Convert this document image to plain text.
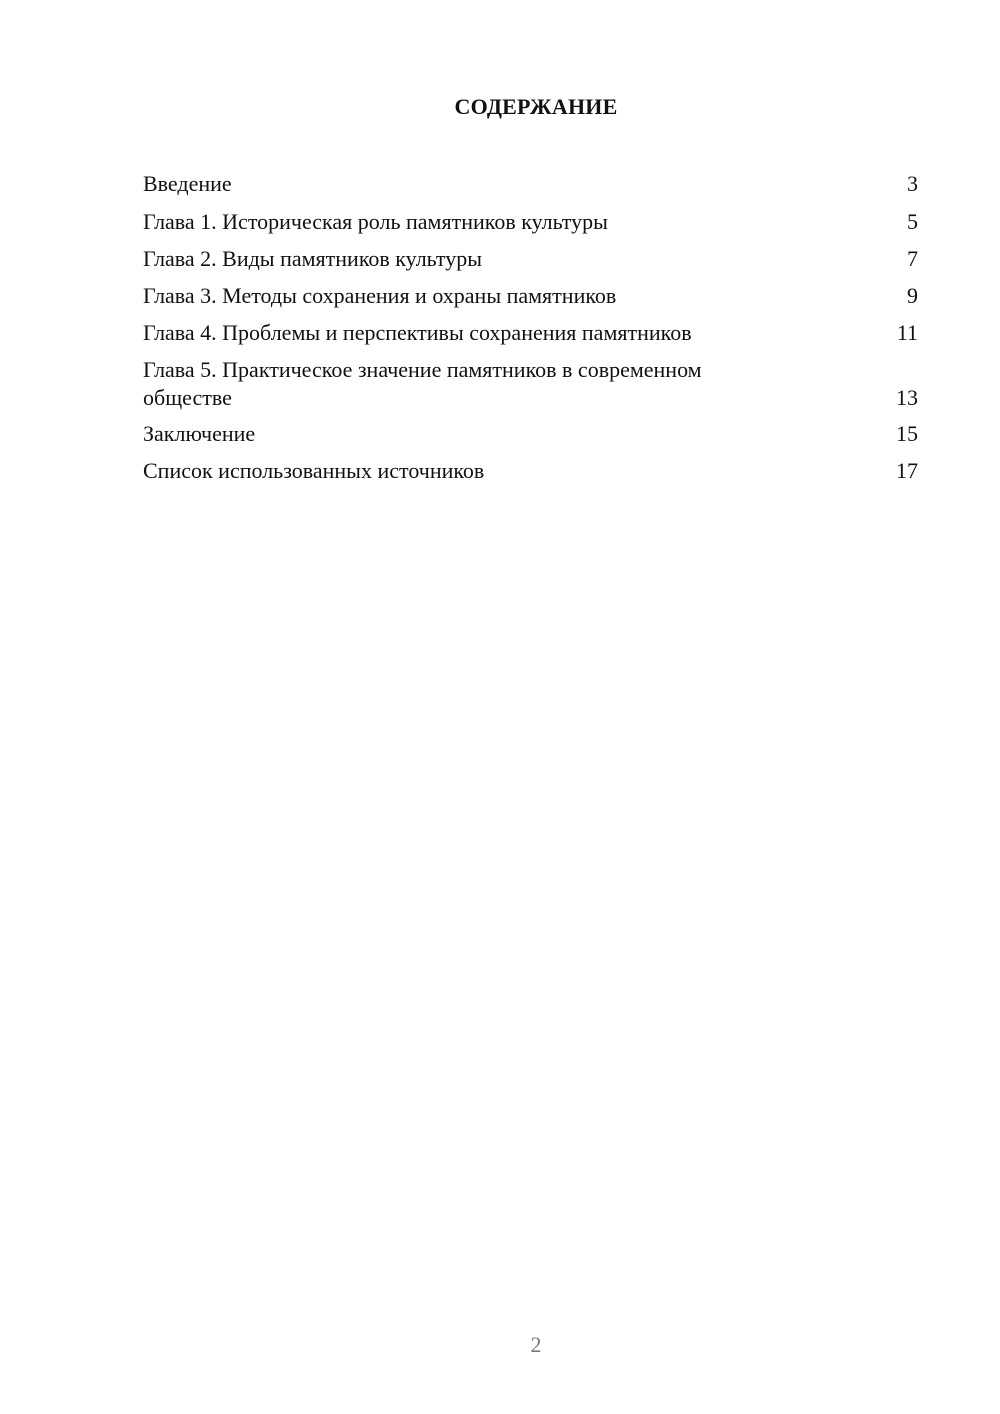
СОДЕРЖАНИЕ
Введение	3
Глава 1. Историческая роль памятников культуры	5
Глава 2. Виды памятников культуры	7
Глава 3. Методы сохранения и охраны памятников	9
Глава 4. Проблемы и перспективы сохранения памятников	11
Глава 5. Практическое значение памятников в современном обществе	13
Заключение	15
Список использованных источников	17
2
